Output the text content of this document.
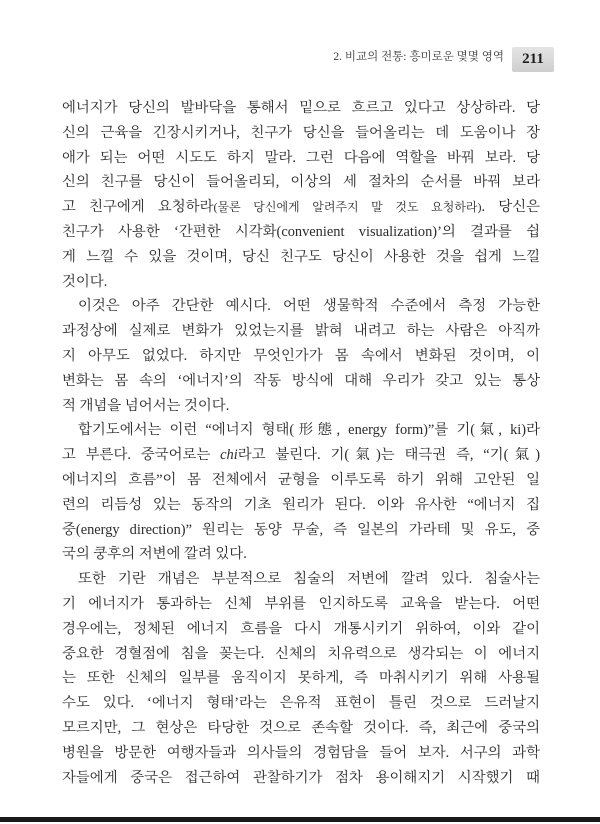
2. 비교의 전통: 흥미로운 몇몇 영역	211
에너지가 당신의 발바닥을 통해서 밑으로 흐르고 있다고 상상하라. 당
신의 근육을 긴장시키거나, 친구가 당신을 들어올리는 데 도움이나 장
애가 되는 어떤 시도도 하지 말라. 그런 다음에 역할을 바꿔 보라. 당
신의 친구를 당신이 들어올리되, 이상의 세 절차의 순서를 바꿔 보라
고 친구에게 요청하라(물론 당신에게 알려주지 말 것도 요청하라). 당신은
친구가 사용한 ‘간편한 시각화(convenient visualization)’의 결과를 쉽
게 느낄 수 있을 것이며, 당신 친구도 당신이 사용한 것을 쉽게 느낄
것이다.
이것은 아주 간단한 예시다. 어떤 생물학적 수준에서 측정 가능한
과정상에 실제로 변화가 있었는지를 밝혀 내려고 하는 사람은 아직까
지 아무도 없었다. 하지만 무엇인가가 몸 속에서 변화된 것이며, 이
변화는 몸 속의 ‘에너지’의 작동 방식에 대해 우리가 갖고 있는 통상
적 개념을 넘어서는 것이다.
합기도에서는 이런 “에너지 형태(形態, energy form)”를 기(氣, ki)라
고 부른다. 중국어로는 chi라고 불린다. 기(氣)는 태극권 즉, “기(氣)
에너지의 흐름”이 몸 전체에서 균형을 이루도록 하기 위해 고안된 일
련의 리듬성 있는 동작의 기초 원리가 된다. 이와 유사한 “에너지 집
중(energy direction)” 원리는 동양 무술, 즉 일본의 가라테 및 유도, 중
국의 쿵후의 저변에 깔려 있다.
또한 기란 개념은 부분적으로 침술의 저변에 깔려 있다. 침술사는
기 에너지가 통과하는 신체 부위를 인지하도록 교육을 받는다. 어떤
경우에는, 정체된 에너지 흐름을 다시 개통시키기 위하여, 이와 같이
중요한 경혈점에 침을 꽂는다. 신체의 치유력으로 생각되는 이 에너지
는 또한 신체의 일부를 움직이지 못하게, 즉 마취시키기 위해 사용될
수도 있다. ‘에너지 형태’라는 은유적 표현이 틀린 것으로 드러날지
모르지만, 그 현상은 타당한 것으로 존속할 것이다. 즉, 최근에 중국의
병원을 방문한 여행자들과 의사들의 경험담을 들어 보자. 서구의 과학
자들에게 중국은 접근하여 관찰하기가 점차 용이해지기 시작했기 때
